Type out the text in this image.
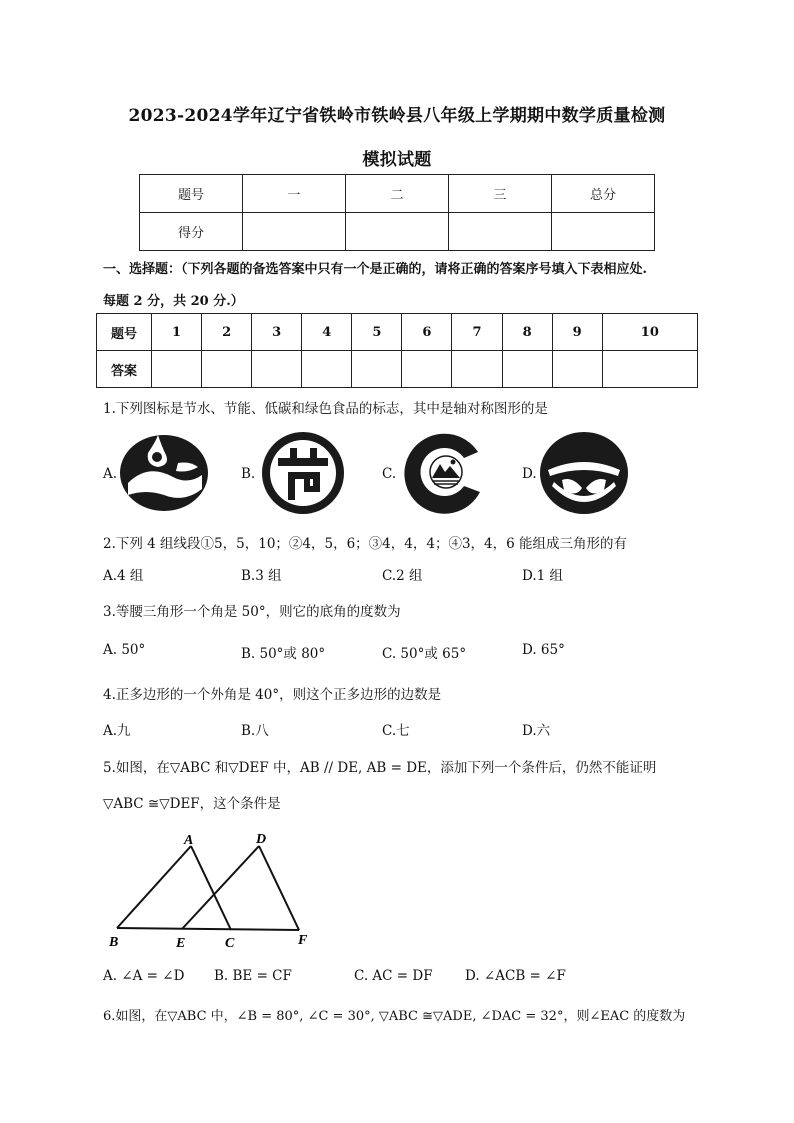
2023-2024学年辽宁省铁岭市铁岭县八年级上学期期中数学质量检测
模拟试题
题号	一	二	三	总分
得分				
一、选择题：（下列各题的备选答案中只有一个是正确的，请将正确的答案序号填入下表相应处.
每题 2 分，共 20 分.）
题号	1	2	3	4	5	6	7	8	9	10
答案										
1.下列图标是节水、节能、低碳和绿色食品的标志，其中是轴对称图形的是
A.	B.	C.	D.
2.下列 4 组线段①5，5，10；②4，5，6；③4，4，4；④3，4，6 能组成三角形的有
A.4 组	B.3 组	C.2 组	D.1 组
3.等腰三角形一个角是 50°，则它的底角的度数为
A. 50°	B. 50°或 80°	C. 50°或 65°	D. 65°
4.正多边形的一个外角是 40°，则这个正多边形的边数是
A.九	B.八	C.七	D.六
5.如图，在▽ABC 和▽DEF 中，AB // DE, AB = DE，添加下列一个条件后，仍然不能证明
▽ABC ≅▽DEF，这个条件是
A	D
B	E	C	F
A. ∠A = ∠D B. BE = CF	C. AC = DF D. ∠ACB = ∠F
6.如图，在▽ABC 中，∠B = 80°, ∠C = 30°, ▽ABC ≅▽ADE, ∠DAC = 32°，则∠EAC 的度数为
